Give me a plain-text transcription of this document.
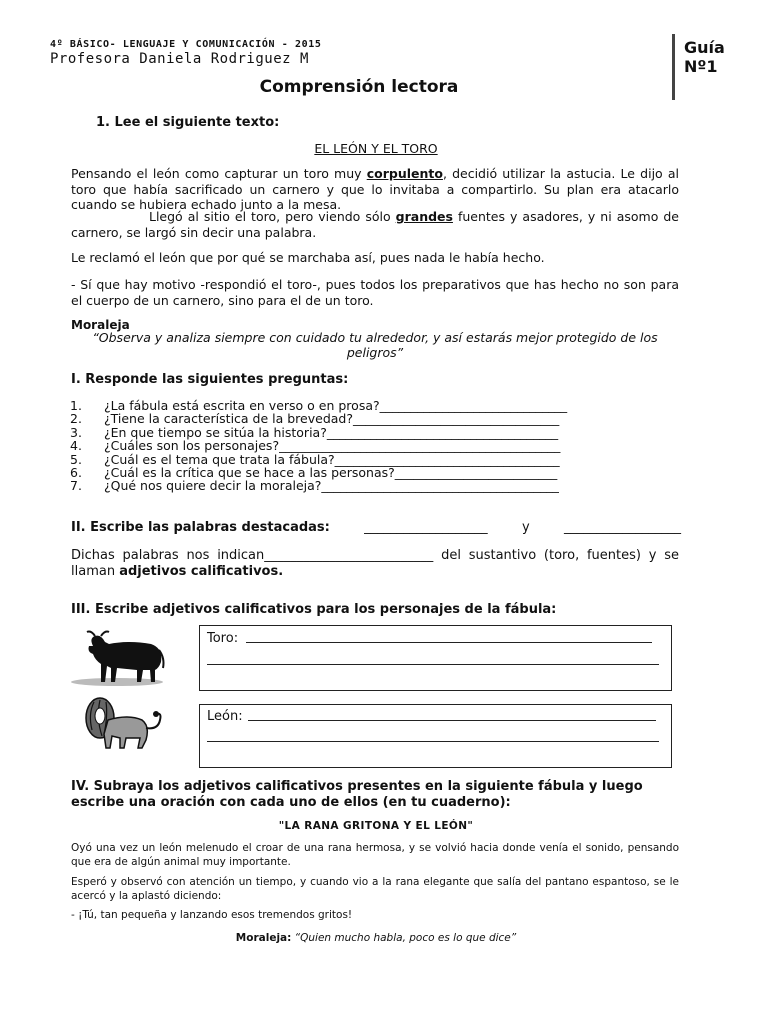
4º BÁSICO- LENGUAJE Y COMUNICACIÓN - 2015
Profesora Daniela Rodriguez M
Guía
Nº1
Comprensión lectora
1. Lee el siguiente texto:
EL LEÓN Y EL TORO
Pensando el león como capturar un toro muy corpulento, decidió utilizar la astucia. Le dijo al toro que había sacrificado un carnero y que lo invitaba a compartirlo. Su plan era atacarlo cuando se hubiera echado junto a la mesa.
Llegó al sitio el toro, pero viendo sólo grandes fuentes y asadores, y ni asomo de carnero, se largó sin decir una palabra.
Le reclamó el león que por qué se marchaba así, pues nada le había hecho.
- Sí que hay motivo -respondió el toro-, pues todos los preparativos que has hecho no son para el cuerpo de un carnero, sino para el de un toro.
Moraleja
“Observa y analiza siempre con cuidado tu alrededor, y así estarás mejor protegido de los peligros”
I. Responde las siguientes preguntas:
1.	¿La fábula está escrita en verso o en prosa?______________________________
2.	¿Tiene la característica de la brevedad?_________________________________
3.	¿En que tiempo se sitúa la historia?_____________________________________
4.	¿Cuáles son los personajes?_____________________________________________
5.	¿Cuál es el tema que trata la fábula?____________________________________
6.	¿Cuál es la crítica que se hace a las personas?__________________________
7.	¿Qué nos quiere decir la moraleja?______________________________________
II. Escribe las palabras destacadas:	___________________	y	__________________
Dichas palabras nos indican__________________________ del sustantivo (toro, fuentes) y se llaman adjetivos calificativos.
III. Escribe adjetivos calificativos para los personajes de la fábula:
Toro:
León:
IV. Subraya los adjetivos calificativos presentes en la siguiente fábula y luego escribe una oración con cada uno de ellos (en tu cuaderno):
"LA RANA GRITONA Y EL LEÓN"
Oyó una vez un león melenudo el croar de una rana hermosa, y se volvió hacia donde venía el sonido, pensando que era de algún animal muy importante.
Esperó y observó con atención un tiempo, y cuando vio a la rana elegante que salía del pantano espantoso, se le acercó y la aplastó diciendo:
- ¡Tú, tan pequeña y lanzando esos tremendos gritos!
Moraleja: “Quien mucho habla, poco es lo que dice”
